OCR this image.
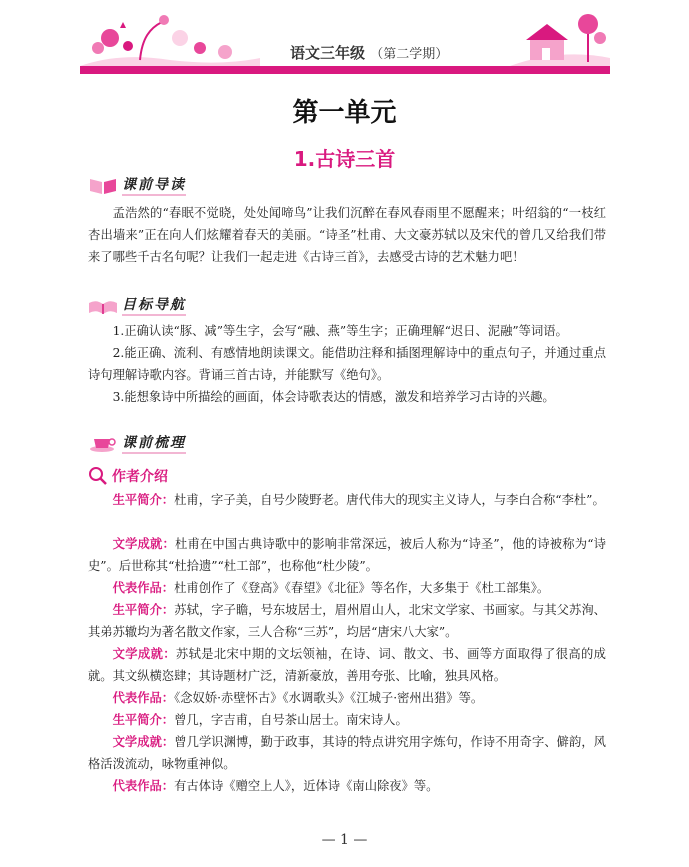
语文三年级 （第二学期）
第一单元
1.古诗三首
课前导读
孟浩然的“春眠不觉晓，处处闻啼鸟”让我们沉醉在春风春雨里不愿醒来；叶绍翁的“一枝红杏出墙来”正在向人们炫耀着春天的美丽。“诗圣”杜甫、大文豪苏轼以及宋代的曾几又给我们带来了哪些千古名句呢？让我们一起走进《古诗三首》，去感受古诗的艺术魅力吧！
目标导航
1.正确认读“豚、减”等生字，会写“融、燕”等生字；正确理解“迟日、泥融”等词语。
2.能正确、流利、有感情地朗读课文。能借助注释和插图理解诗中的重点句子，并通过重点诗句理解诗歌内容。背诵三首古诗，并能默写《绝句》。
3.能想象诗中所描绘的画面，体会诗歌表达的情感，激发和培养学习古诗的兴趣。
课前梳理
作者介绍
生平简介：杜甫，字子美，自号少陵野老。唐代伟大的现实主义诗人，与李白合称“李杜”。
文学成就：杜甫在中国古典诗歌中的影响非常深远，被后人称为“诗圣”，他的诗被称为“诗史”。后世称其“杜拾遗”“杜工部”，也称他“杜少陵”。
代表作品：杜甫创作了《登高》《春望》《北征》等名作，大多集于《杜工部集》。
生平简介：苏轼，字子瞻，号东坡居士，眉州眉山人，北宋文学家、书画家。与其父苏洵、其弟苏辙均为著名散文作家，三人合称“三苏”，均居“唐宋八大家”。
文学成就：苏轼是北宋中期的文坛领袖，在诗、词、散文、书、画等方面取得了很高的成就。其文纵横恣肆；其诗题材广泛，清新豪放，善用夸张、比喻，独具风格。
代表作品：《念奴娇·赤壁怀古》《水调歌头》《江城子·密州出猎》等。
生平简介：曾几，字吉甫，自号茶山居士。南宋诗人。
文学成就：曾几学识渊博，勤于政事，其诗的特点讲究用字炼句，作诗不用奇字、僻韵，风格活泼流动，咏物重神似。
代表作品：有古体诗《赠空上人》，近体诗《南山除夜》等。
— 1 —
